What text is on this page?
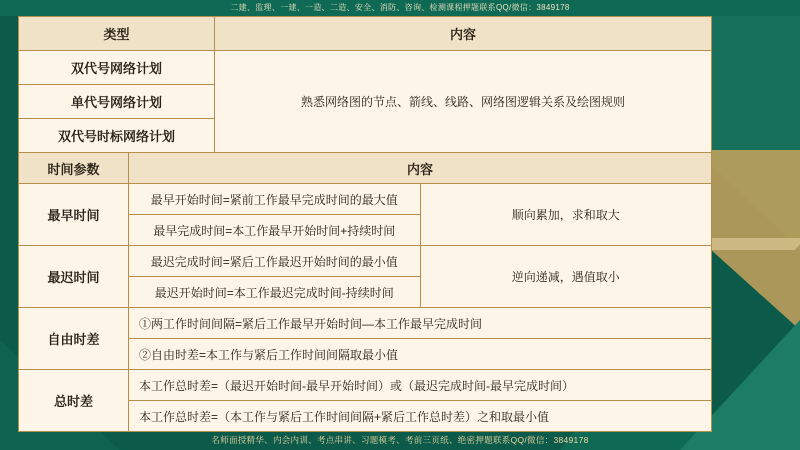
二建、监理、一建、一造、二造、安全、消防、咨询、检测课程押题联系QQ/微信：3849178
类型	内容
双代号网络计划	熟悉网络图的节点、箭线、线路、网络图逻辑关系及绘图规则
单代号网络计划	
双代号时标网络计划	
时间参数	内容	
最早时间	最早开始时间=紧前工作最早完成时间的最大值	顺向累加，求和取大
	最早完成时间=本工作最早开始时间+持续时间	
最迟时间	最迟完成时间=紧后工作最迟开始时间的最小值	逆向递减，遇值取小
	最迟开始时间=本工作最迟完成时间-持续时间	
自由时差	①两工作时间间隔=紧后工作最早开始时间—本工作最早完成时间	
	②自由时差=本工作与紧后工作时间间隔取最小值	
总时差	本工作总时差=（最迟开始时间-最早开始时间）或（最迟完成时间-最早完成时间）	
	本工作总时差=（本工作与紧后工作时间间隔+紧后工作总时差）之和取最小值	
名师面授精华、内会内训、考点串讲、习题模考、考前三页纸、绝密押题联系QQ/微信：3849178
